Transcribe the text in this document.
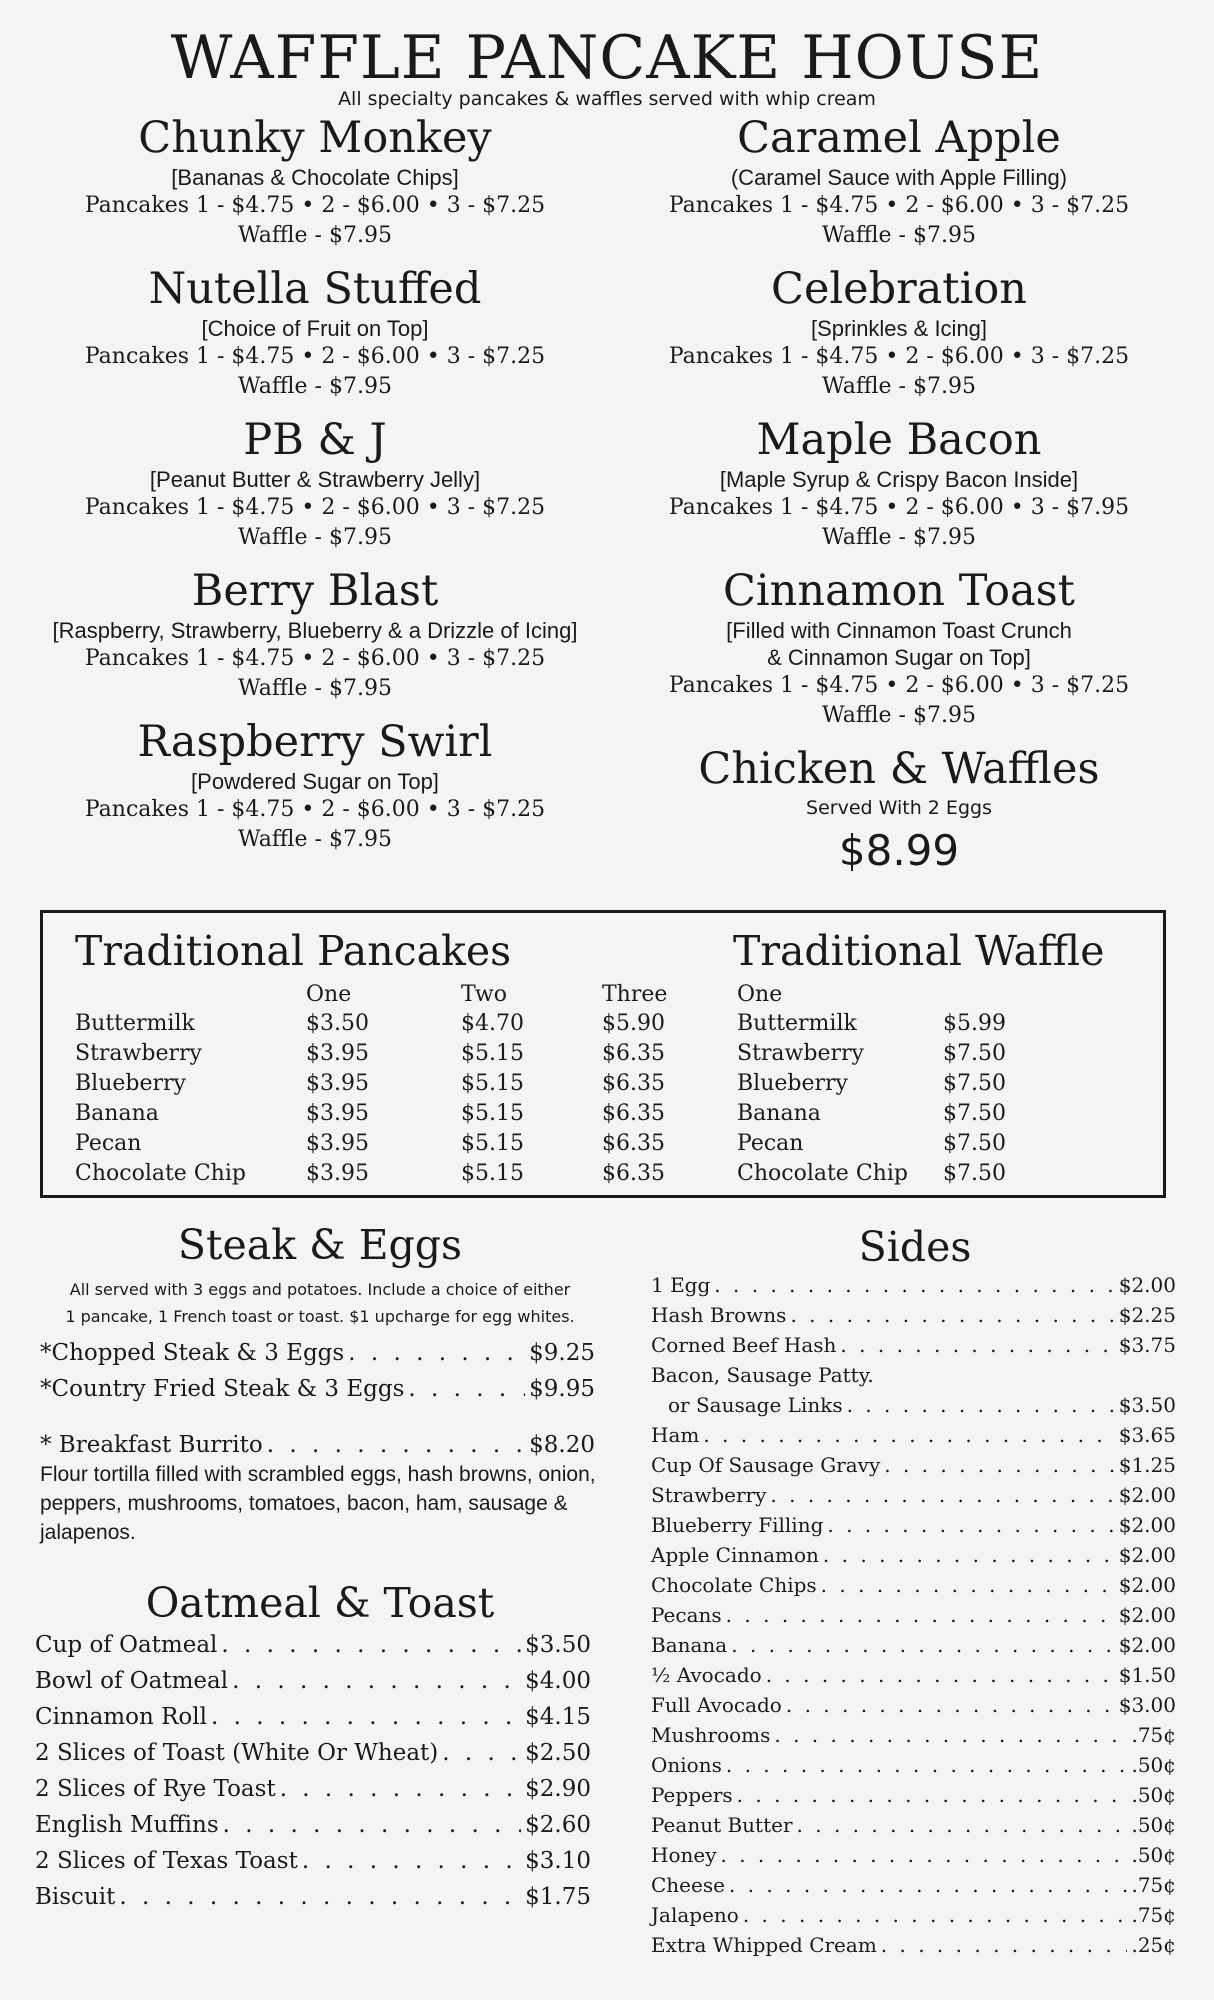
WAFFLE PANCAKE HOUSE
All specialty pancakes & waffles served with whip cream
Chunky Monkey
[Bananas & Chocolate Chips]
Pancakes 1 - $4.75 • 2 - $6.00 • 3 - $7.25
Waffle - $7.95
Nutella Stuffed
[Choice of Fruit on Top]
Pancakes 1 - $4.75 • 2 - $6.00 • 3 - $7.25
Waffle - $7.95
PB & J
[Peanut Butter & Strawberry Jelly]
Pancakes 1 - $4.75 • 2 - $6.00 • 3 - $7.25
Waffle - $7.95
Berry Blast
[Raspberry, Strawberry, Blueberry & a Drizzle of Icing]
Pancakes 1 - $4.75 • 2 - $6.00 • 3 - $7.25
Waffle - $7.95
Raspberry Swirl
[Powdered Sugar on Top]
Pancakes 1 - $4.75 • 2 - $6.00 • 3 - $7.25
Waffle - $7.95
Caramel Apple
(Caramel Sauce with Apple Filling)
Pancakes 1 - $4.75 • 2 - $6.00 • 3 - $7.25
Waffle - $7.95
Celebration
[Sprinkles & Icing]
Pancakes 1 - $4.75 • 2 - $6.00 • 3 - $7.25
Waffle - $7.95
Maple Bacon
[Maple Syrup & Crispy Bacon Inside]
Pancakes 1 - $4.75 • 2 - $6.00 • 3 - $7.95
Waffle - $7.95
Cinnamon Toast
[Filled with Cinnamon Toast Crunch
& Cinnamon Sugar on Top]
Pancakes 1 - $4.75 • 2 - $6.00 • 3 - $7.25
Waffle - $7.95
Chicken & Waffles
Served With 2 Eggs
$8.99
Traditional Pancakes
One	Two	Three
Traditional Waffle
One
Buttermilk	$3.50	$4.70	$5.90
Strawberry	$3.95	$5.15	$6.35
Blueberry	$3.95	$5.15	$6.35
Banana	$3.95	$5.15	$6.35
Pecan	$3.95	$5.15	$6.35
Chocolate Chip	$3.95	$5.15	$6.35
Buttermilk	$5.99
Strawberry	$7.50
Blueberry	$7.50
Banana	$7.50
Pecan	$7.50
Chocolate Chip $7.50
Steak & Eggs
All served with 3 eggs and potatoes. Include a choice of either
1 pancake, 1 French toast or toast. $1 upcharge for egg whites.
*Chopped Steak & 3 Eggs . . .	$9.25
*Country Fried Steak & 3 Eggs . . .	$9.95
* Breakfast Burrito . . .	$8.20
Flour tortilla filled with scrambled eggs, hash browns, onion, peppers, mushrooms, tomatoes, bacon, ham, sausage & jalapenos.
Oatmeal & Toast
Cup of Oatmeal . . .	$3.50
Bowl of Oatmeal . . .	$4.00
Cinnamon Roll . . .	$4.15
2 Slices of Toast (White Or Wheat) . . .	$2.50
2 Slices of Rye Toast . . .	$2.90
English Muffins . . .	$2.60
2 Slices of Texas Toast . . .	$3.10
Biscuit . . .	$1.75
Sides
1 Egg . . .	$2.00
Hash Browns . . .	$2.25
Corned Beef Hash . . .	$3.75
Bacon, Sausage Patty.
or Sausage Links . . .	$3.50
Ham . . .	$3.65
Cup Of Sausage Gravy . . .	$1.25
Strawberry . . .	$2.00
Blueberry Filling . . .	$2.00
Apple Cinnamon . . .	$2.00
Chocolate Chips . . .	$2.00
Pecans . . .	$2.00
Banana . . .	$2.00
½ Avocado . . .	$1.50
Full Avocado . . .	$3.00
Mushrooms . . .	.75¢
Onions . . .	.50¢
Peppers . . .	.50¢
Peanut Butter . . .	.50¢
Honey . . .	.50¢
Cheese . . .	.75¢
Jalapeno . . .	.75¢
Extra Whipped Cream . . .	.25¢
